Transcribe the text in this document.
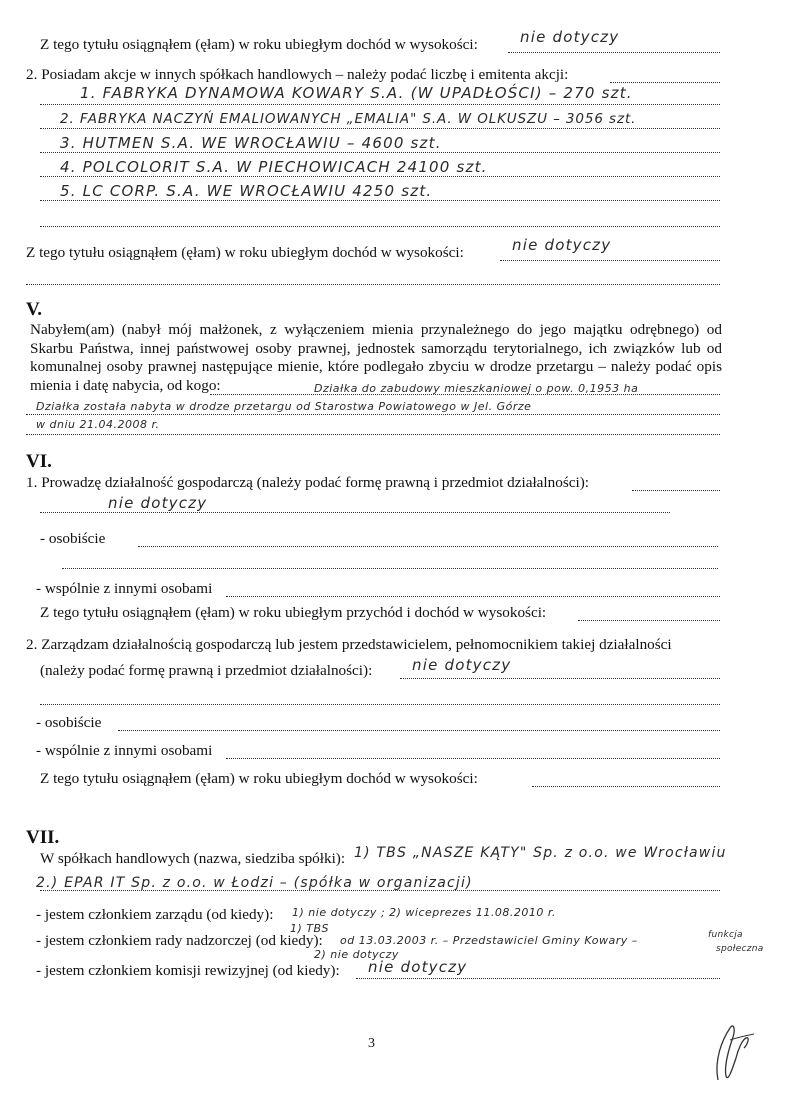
Z tego tytułu osiągnąłem (ęłam) w roku ubiegłym dochód w wysokości:	nie dotyczy
2. Posiadam akcje w innych spółkach handlowych – należy podać liczbę i emitenta akcji:
1. FABRYKA DYNAMOWA KOWARY S.A. (W UPADŁOŚCI) – 270 szt.
2. FABRYKA NACZYŃ EMALIOWANYCH „EMALIA" S.A. W OLKUSZU – 3056 szt.
3. HUTMEN S.A. WE WROCŁAWIU – 4600 szt.
4. POLCOLORIT S.A. W PIECHOWICACH 24100 szt.
5. LC CORP. S.A. WE WROCŁAWIU 4250 szt.
Z tego tytułu osiągnąłem (ęłam) w roku ubiegłym dochód w wysokości:	nie dotyczy
V.
Nabyłem(am) (nabył mój małżonek, z wyłączeniem mienia przynależnego do jego majątku odrębnego) od Skarbu Państwa, innej państwowej osoby prawnej, jednostek samorządu terytorialnego, ich związków lub od komunalnej osoby prawnej następujące mienie, które podlegało zbyciu w drodze przetargu – należy podać opis mienia i datę nabycia, od kogo:	Działka do zabudowy mieszkaniowej o pow. 0,1953 ha
Działka została nabyta w drodze przetargu od Starostwa Powiatowego w Jel. Górze
w dniu 21.04.2008 r.
VI.
1. Prowadzę działalność gospodarczą (należy podać formę prawną i przedmiot działalności):
nie dotyczy
- osobiście
- wspólnie z innymi osobami
Z tego tytułu osiągnąłem (ęłam) w roku ubiegłym przychód i dochód w wysokości:
2. Zarządzam działalnością gospodarczą lub jestem przedstawicielem, pełnomocnikiem takiej działalności
(należy podać formę prawną i przedmiot działalności):	nie dotyczy
- osobiście
- wspólnie z innymi osobami
Z tego tytułu osiągnąłem (ęłam) w roku ubiegłym dochód w wysokości:
VII.
W spółkach handlowych (nazwa, siedziba spółki): 1) TBS „NASZE KĄTY" Sp. z o.o. we Wrocławiu
2.) EPAR IT Sp. z o.o. w Łodzi – (spółka w organizacji)
- jestem członkiem zarządu (od kiedy): 1) nie dotyczy ; 2) wiceprezes 11.08.2010 r.
- jestem członkiem rady nadzorczej (od kiedy):
1) TBS
od 13.03.2003 r. – Przedstawiciel Gminy Kowary –	funkcja
społeczna
2) nie dotyczy
- jestem członkiem komisji rewizyjnej (od kiedy): nie dotyczy
3
